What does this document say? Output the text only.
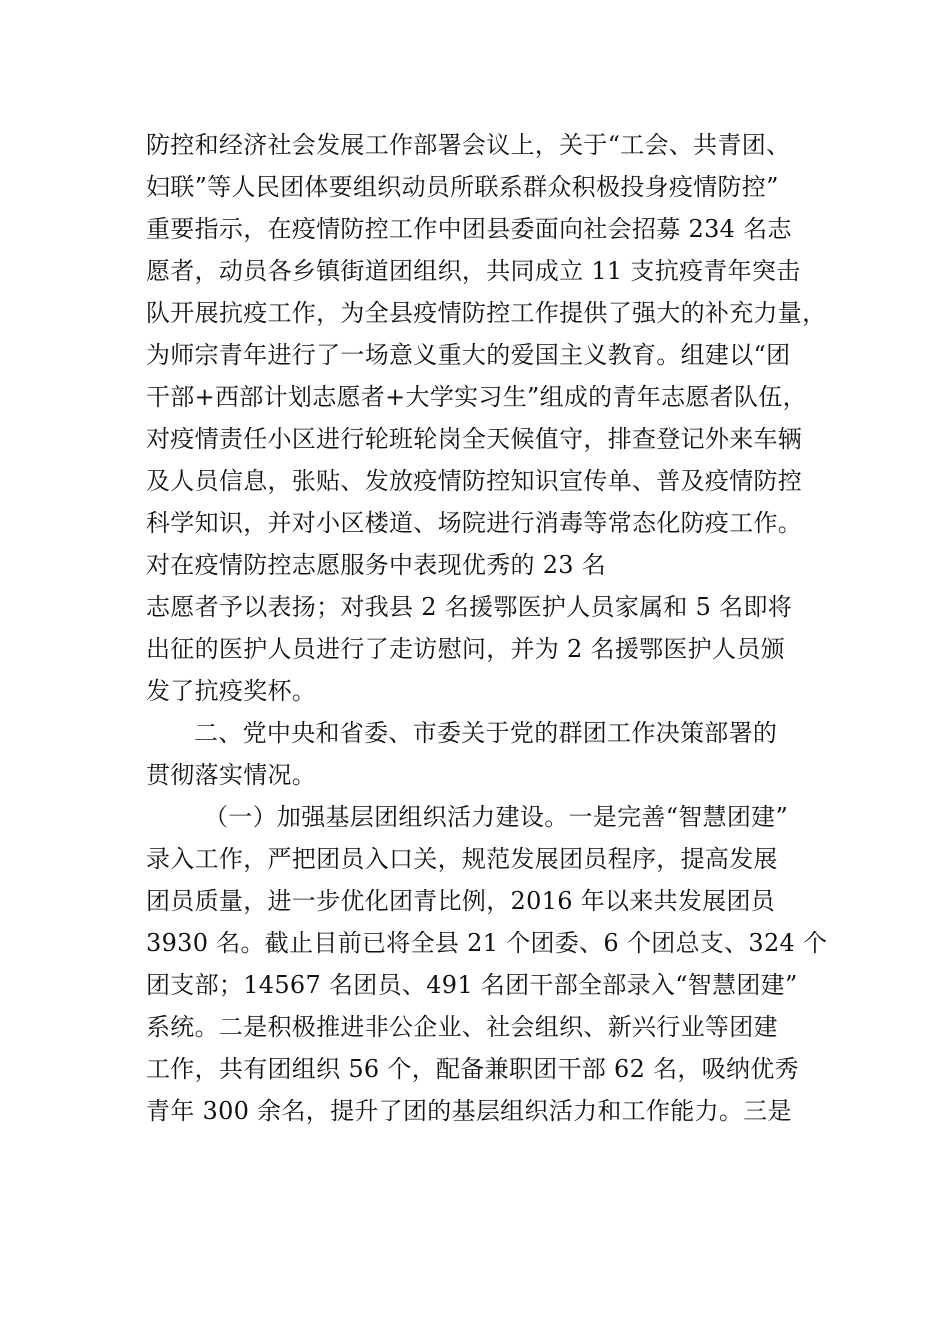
防控和经济社会发展工作部署会议上，关于“工会、共青团、
妇联”等人民团体要组织动员所联系群众积极投身疫情防控”
重要指示，在疫情防控工作中团县委面向社会招募 234 名志
愿者，动员各乡镇街道团组织，共同成立 11 支抗疫青年突击
队开展抗疫工作，为全县疫情防控工作提供了强大的补充力量，
为师宗青年进行了一场意义重大的爱国主义教育。组建以“团
干部+西部计划志愿者+大学实习生”组成的青年志愿者队伍，
对疫情责任小区进行轮班轮岗全天候值守，排查登记外来车辆
及人员信息，张贴、发放疫情防控知识宣传单、普及疫情防控
科学知识，并对小区楼道、场院进行消毒等常态化防疫工作。
对在疫情防控志愿服务中表现优秀的 23 名
志愿者予以表扬；对我县 2 名援鄂医护人员家属和 5 名即将
出征的医护人员进行了走访慰问，并为 2 名援鄂医护人员颁
发了抗疫奖杯。
二、党中央和省委、市委关于党的群团工作决策部署的
贯彻落实情况。
（一）加强基层团组织活力建设。一是完善“智慧团建”
录入工作，严把团员入口关，规范发展团员程序，提高发展
团员质量，进一步优化团青比例，2016 年以来共发展团员
3930 名。截止目前已将全县 21 个团委、6 个团总支、324 个
团支部；14567 名团员、491 名团干部全部录入“智慧团建”
系统。二是积极推进非公企业、社会组织、新兴行业等团建
工作，共有团组织 56 个，配备兼职团干部 62 名，吸纳优秀
青年 300 余名，提升了团的基层组织活力和工作能力。三是
